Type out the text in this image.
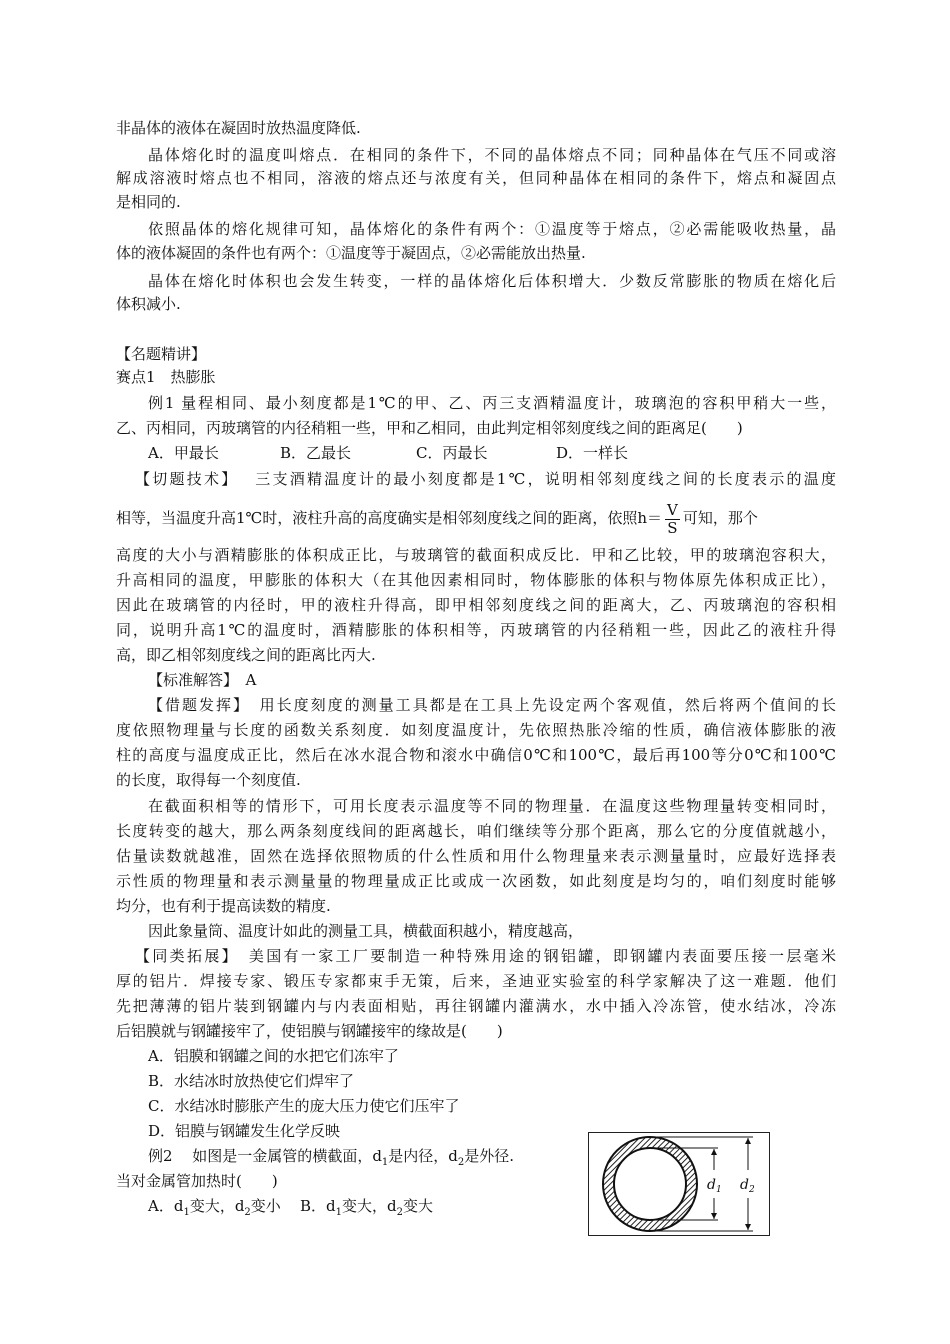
非晶体的液体在凝固时放热温度降低.
晶体熔化时的温度叫熔点．在相同的条件下，不同的晶体熔点不同；同种晶体在气压不同或溶
解成溶液时熔点也不相同，溶液的熔点还与浓度有关，但同种晶体在相同的条件下，熔点和凝固点
是相同的.
依照晶体的熔化规律可知，晶体熔化的条件有两个：①温度等于熔点，②必需能吸收热量，晶
体的液体凝固的条件也有两个：①温度等于凝固点，②必需能放出热量.
晶体在熔化时体积也会发生转变，一样的晶体熔化后体积增大．少数反常膨胀的物质在熔化后
体积减小.
【名题精讲】
赛点1　热膨胀
例1 量程相同、最小刻度都是1℃的甲、乙、丙三支酒精温度计，玻璃泡的容积甲稍大一些，
乙、丙相同，丙玻璃管的内径稍粗一些，甲和乙相同，由此判定相邻刻度线之间的距离足(　　)
A．甲最长	B．乙最长	C．丙最长	D．一样长
【切题技术】　 三支酒精温度计的最小刻度都是1℃，说明相邻刻度线之间的长度表示的温度
相等，当温度升高1℃时，液柱升高的高度确实是相邻刻度线之间的距离，依照$h= \frac{V}{S}$ 可知，那个
高度的大小与酒精膨胀的体积成正比，与玻璃管的截面积成反比．甲和乙比较，甲的玻璃泡容积大，
升高相同的温度，甲膨胀的体积大（在其他因素相同时，物体膨胀的体积与物体原先体积成正比），
因此在玻璃管的内径时，甲的液柱升得高，即甲相邻刻度线之间的距离大，乙、丙玻璃泡的容积相
同，说明升高1℃的温度时，酒精膨胀的体积相等，丙玻璃管的内径稍粗一些，因此乙的液柱升得
高，即乙相邻刻度线之间的距离比丙大.
【标准解答】　A
【借题发挥】　用长度刻度的测量工具都是在工具上先设定两个客观值，然后将两个值间的长
度依照物理量与长度的函数关系刻度．如刻度温度计，先依照热胀冷缩的性质，确信液体膨胀的液
柱的高度与温度成正比，然后在冰水混合物和滚水中确信0℃和100℃，最后再100等分0℃和100℃
的长度，取得每一个刻度值.
在截面积相等的情形下，可用长度表示温度等不同的物理量．在温度这些物理量转变相同时，
长度转变的越大，那么两条刻度线间的距离越长，咱们继续等分那个距离，那么它的分度值就越小，
估量读数就越准，固然在选择依照物质的什么性质和用什么物理量来表示测量量时，应最好选择表
示性质的物理量和表示测量量的物理量成正比或成一次函数，如此刻度是均匀的，咱们刻度时能够
均分，也有利于提高读数的精度.
因此象量筒、温度计如此的测量工具，横截面积越小，精度越高，
【同类拓展】　美国有一家工厂要制造一种特殊用途的钢铝罐，即钢罐内表面要压接一层毫米
厚的铝片．焊接专家、锻压专家都束手无策，后来，圣迪亚实验室的科学家解决了这一难题．他们
先把薄薄的铝片装到钢罐内与内表面相贴，再往钢罐内灌满水，水中插入冷冻管，使水结冰，冷冻
后铝膜就与钢罐接牢了，使铝膜与钢罐接牢的缘故是(　　)
A．铝膜和钢罐之间的水把它们冻牢了
B．水结冰时放热使它们焊牢了
C．水结冰时膨胀产生的庞大压力使它们压牢了
D．铝膜与钢罐发生化学反映
例2　 如图是一金属管的横截面，$d_1$是内径，$d_2$是外径.
当对金属管加热时(　　)
A．$d_1$变大，$d_2$变小 B．$d_1$变大，$d_2$变大
$d_1$ $d_2$
